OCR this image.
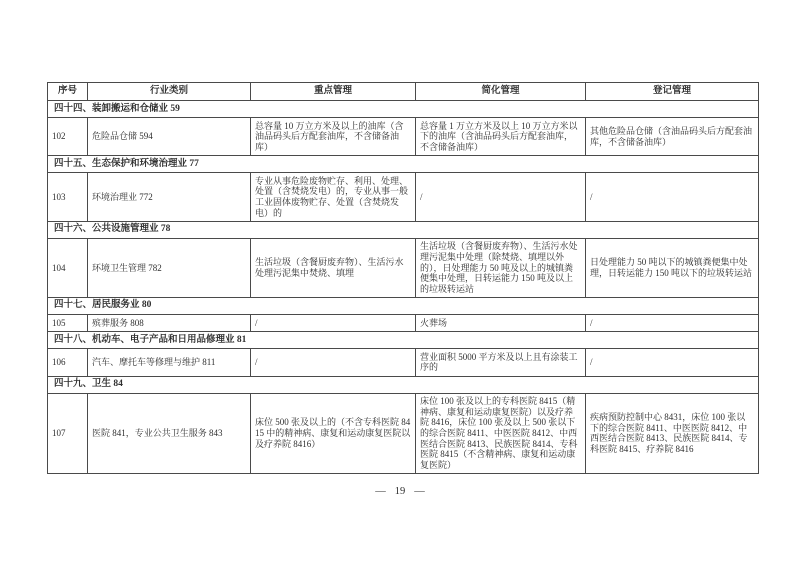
序号	行业类别	重点管理	简化管理	登记管理
四十四、装卸搬运和仓储业 59				
102	危险品仓储 594	总容量 10 万立方米及以上的油库（含油品码头后方配套油库，不含储备油库）	总容量 1 万立方米及以上 10 万立方米以下的油库（含油品码头后方配套油库，不含储备油库）	其他危险品仓储（含油品码头后方配套油库，不含储备油库）
四十五、生态保护和环境治理业 77				
103	环境治理业 772	专业从事危险废物贮存、利用、处理、处置（含焚烧发电）的，专业从事一般工业固体废物贮存、处置（含焚烧发电）的	/	/
四十六、公共设施管理业 78				
104	环境卫生管理 782	生活垃圾（含餐厨废弃物）、生活污水处理污泥集中焚烧、填埋	生活垃圾（含餐厨废弃物）、生活污水处理污泥集中处理（除焚烧、填埋以外的），日处理能力 50 吨及以上的城镇粪便集中处理，日转运能力 150 吨及以上的垃圾转运站	日处理能力 50 吨以下的城镇粪便集中处理，日转运能力 150 吨以下的垃圾转运站
四十七、居民服务业 80				
105	殡葬服务 808	/	火葬场	/
四十八、机动车、电子产品和日用品修理业 81				
106	汽车、摩托车等修理与维护 811	/	营业面积 5000 平方米及以上且有涂装工序的	/
四十九、卫生 84				
107	医院 841，专业公共卫生服务 843	床位 500 张及以上的（不含专科医院 8415 中的精神病、康复和运动康复医院以及疗养院 8416）	床位 100 张及以上的专科医院 8415（精神病、康复和运动康复医院）以及疗养院 8416，床位 100 张及以上 500 张以下的综合医院 8411、中医医院 8412、中西医结合医院 8413、民族医院 8414、专科医院 8415（不含精神病、康复和运动康复医院）	疾病预防控制中心 8431，床位 100 张以下的综合医院 8411、中医医院 8412、中西医结合医院 8413、民族医院 8414、专科医院 8415、疗养院 8416
— 19 —
